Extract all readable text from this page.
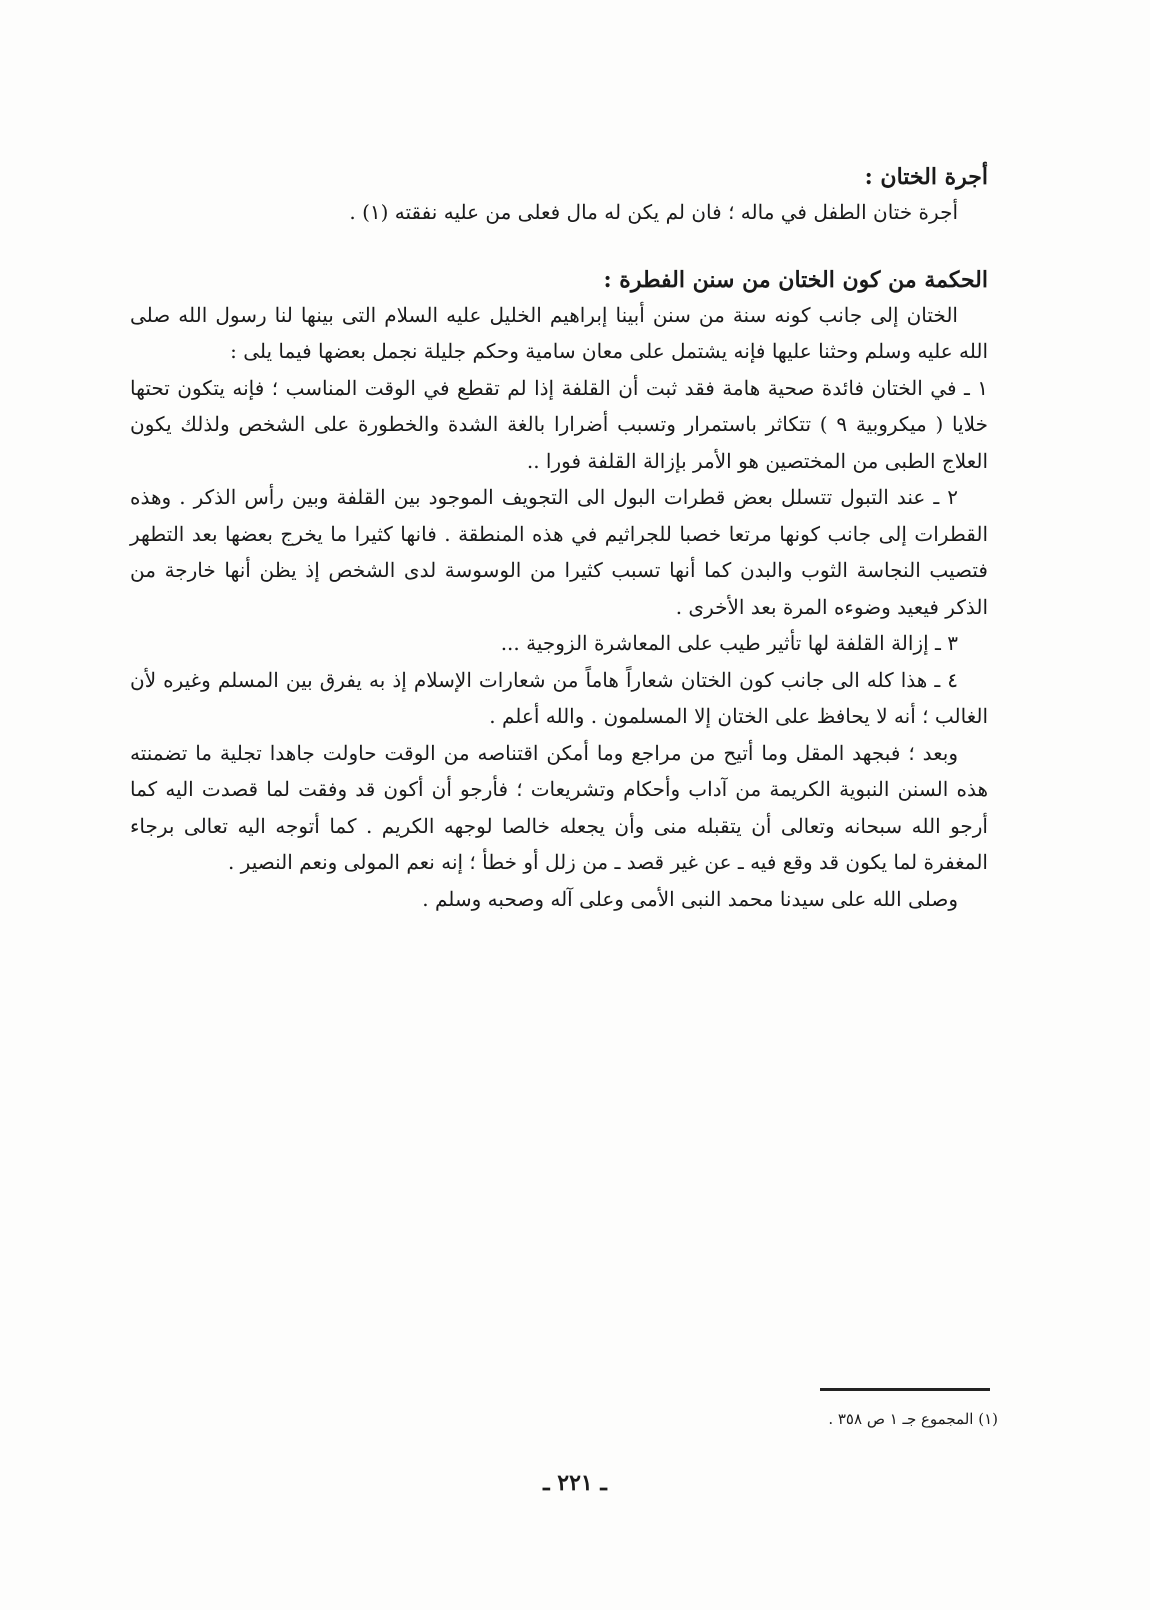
أجرة الختان :

أجرة ختان الطفل في ماله ؛ فان لم يكن له مال فعلى من عليه نفقته (١) .

الحكمة من كون الختان من سنن الفطرة :

الختان إلى جانب كونه سنة من سنن أبينا إبراهيم الخليل عليه السلام التى بينها لنا رسول الله صلى الله عليه وسلم وحثنا عليها فإنه يشتمل على معان سامية وحكم جليلة نجمل بعضها فيما يلى :

١ ـ في الختان فائدة صحية هامة فقد ثبت أن القلفة إذا لم تقطع في الوقت المناسب ؛ فإنه يتكون تحتها خلايا ( ميكروبية ٩ ) تتكاثر باستمرار وتسبب أضرارا بالغة الشدة والخطورة على الشخص ولذلك يكون العلاج الطبى من المختصين هو الأمر بإزالة القلفة فورا ..

٢ ـ عند التبول تتسلل بعض قطرات البول الى التجويف الموجود بين القلفة وبين رأس الذكر . وهذه القطرات إلى جانب كونها مرتعا خصبا للجراثيم في هذه المنطقة . فانها كثيرا ما يخرج بعضها بعد التطهر فتصيب النجاسة الثوب والبدن كما أنها تسبب كثيرا من الوسوسة لدى الشخص إذ يظن أنها خارجة من الذكر فيعيد وضوءه المرة بعد الأخرى .

٣ ـ إزالة القلفة لها تأثير طيب على المعاشرة الزوجية ...

٤ ـ هذا كله الى جانب كون الختان شعاراً هاماً من شعارات الإسلام إذ به يفرق بين المسلم وغيره لأن الغالب ؛ أنه لا يحافظ على الختان إلا المسلمون . والله أعلم .

وبعد ؛ فبجهد المقل وما أتيح من مراجع وما أمكن اقتناصه من الوقت حاولت جاهدا تجلية ما تضمنته هذه السنن النبوية الكريمة من آداب وأحكام وتشريعات ؛ فأرجو أن أكون قد وفقت لما قصدت اليه كما أرجو الله سبحانه وتعالى أن يتقبله منى وأن يجعله خالصا لوجهه الكريم . كما أتوجه اليه تعالى برجاء المغفرة لما يكون قد وقع فيه ـ عن غير قصد ـ من زلل أو خطأ ؛ إنه نعم المولى ونعم النصير .

وصلى الله على سيدنا محمد النبى الأمى وعلى آله وصحبه وسلم .

(١) المجموع جـ ١ ص ٣٥٨ .
ـ ٢٢١ ـ
